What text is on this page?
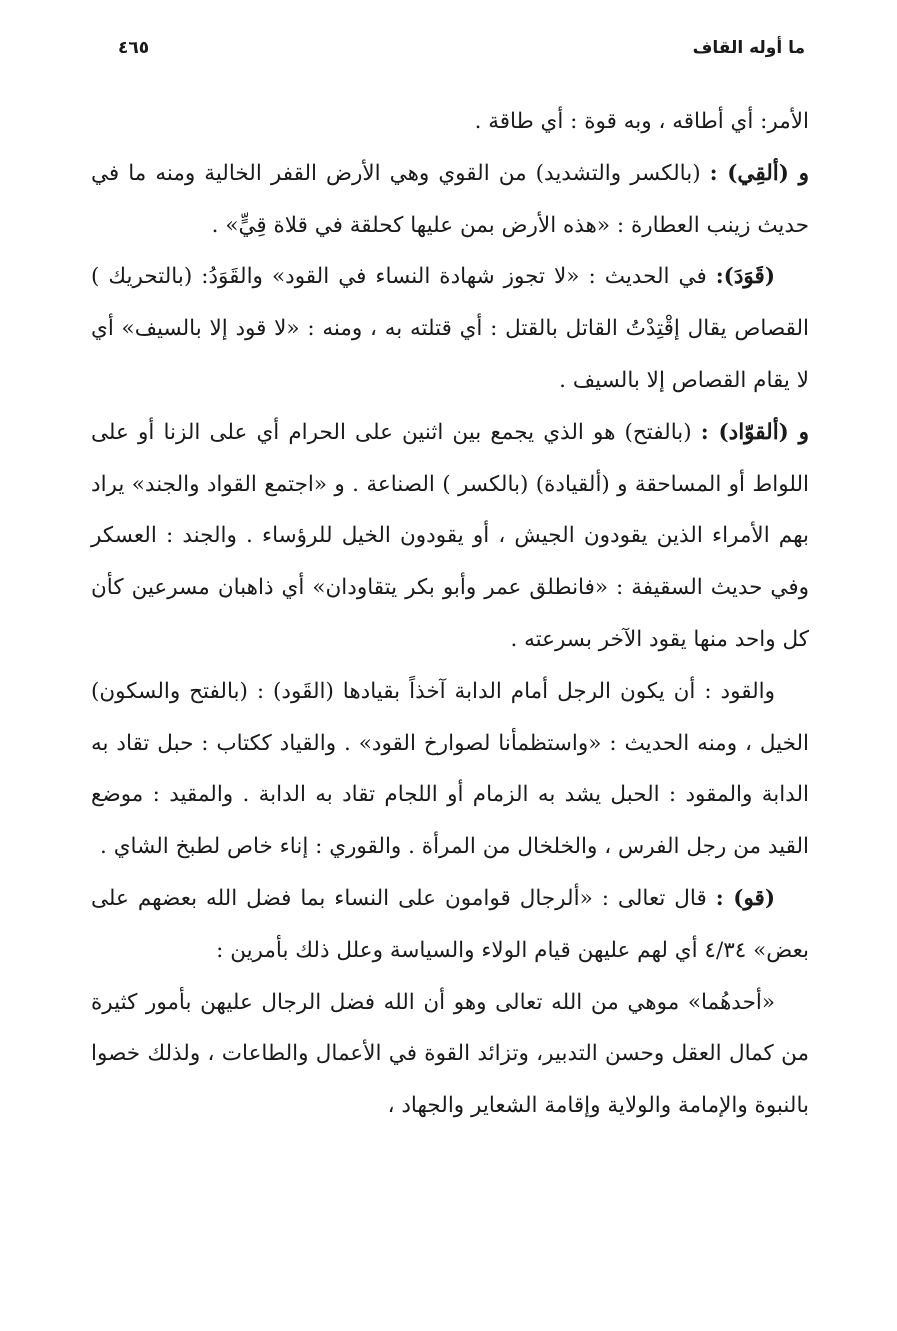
ما أوله القاف
٤٦٥

الأمر: أي أطاقه ، وبه قوة : أي طاقة .

و (ألقِي) : (بالكسر والتشديد) من القوي وهي الأرض القفر الخالية ومنه ما في حديث زينب العطارة : «هذه الأرض بمن عليها كحلقة في قلاة قِيٍّ» .

(قَوَدَ): في الحديث : «لا تجوز شهادة النساء في القود» والقَوَدُ: (بالتحريك ) القصاص يقال إقْتِدْتُ القاتل بالقتل : أي قتلته به ، ومنه : «لا قود إلا بالسيف» أي لا يقام القصاص إلا بالسيف .

و (ألقوّاد) : (بالفتح) هو الذي يجمع بين اثنين على الحرام أي على الزنا أو على اللواط أو المساحقة و (ألقيادة) (بالكسر ) الصناعة . و «اجتمع القواد والجند» يراد بهم الأمراء الذين يقودون الجيش ، أو يقودون الخيل للرؤساء . والجند : العسكر وفي حديث السقيفة : «فانطلق عمر وأبو بكر يتقاودان» أي ذاهبان مسرعين كأن كل واحد منها يقود الآخر بسرعته .

والقود : أن يكون الرجل أمام الدابة آخذاً بقيادها (القَود) : (بالفتح والسكون) الخيل ، ومنه الحديث : «واستظمأنا لصوارخ القود» . والقياد ككتاب : حبل تقاد به الدابة والمقود : الحبل يشد به الزمام أو اللجام تقاد به الدابة . والمقيد : موضع القيد من رجل الفرس ، والخلخال من المرأة . والقوري : إناء خاص لطبخ الشاي .

(قو) : قال تعالى : «ألرجال قوامون على النساء بما فضل الله بعضهم على بعض» ٤/٣٤ أي لهم عليهن قيام الولاء والسياسة وعلل ذلك بأمرين :

«أحدهُما» موهي من الله تعالى وهو أن الله فضل الرجال عليهن بأمور كثيرة من كمال العقل وحسن التدبير، وتزائد القوة في الأعمال والطاعات ، ولذلك خصوا بالنبوة والإمامة والولاية وإقامة الشعاير والجهاد ،
